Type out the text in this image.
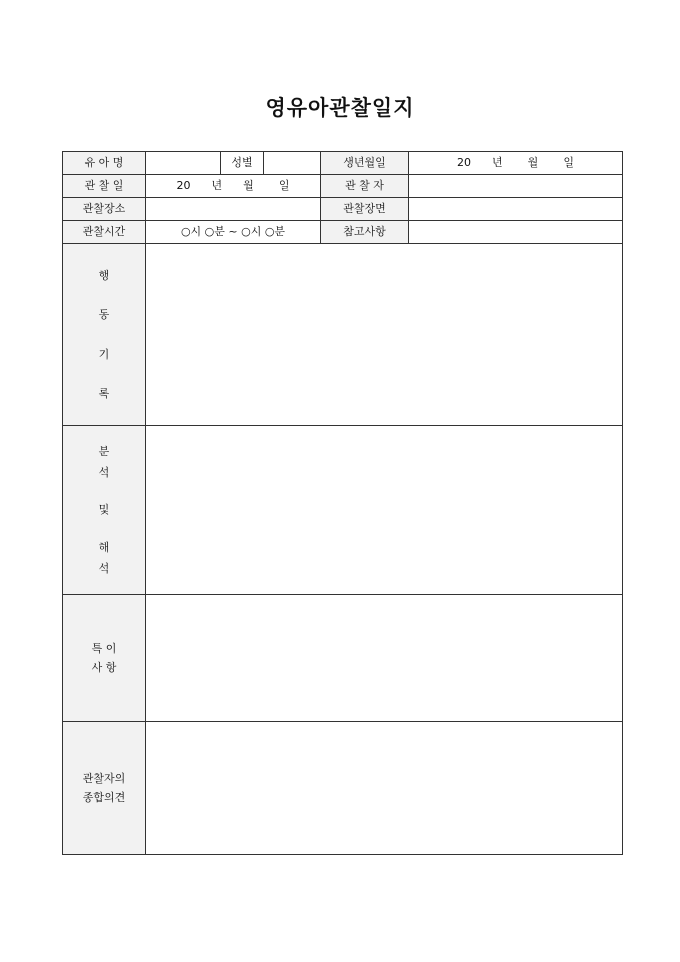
영유아관찰일지
유 아 명		성별		생년월일	20 년 월 일
관 찰 일	20 년 월 일			관 찰 자	
관찰장소				관찰장면	
관찰시간	○시 ○분 ~ ○시 ○분			참고사항	

행
동
기
록					

분
석
및
해
석					

특 이
사 항					

관찰자의
종합의견					
